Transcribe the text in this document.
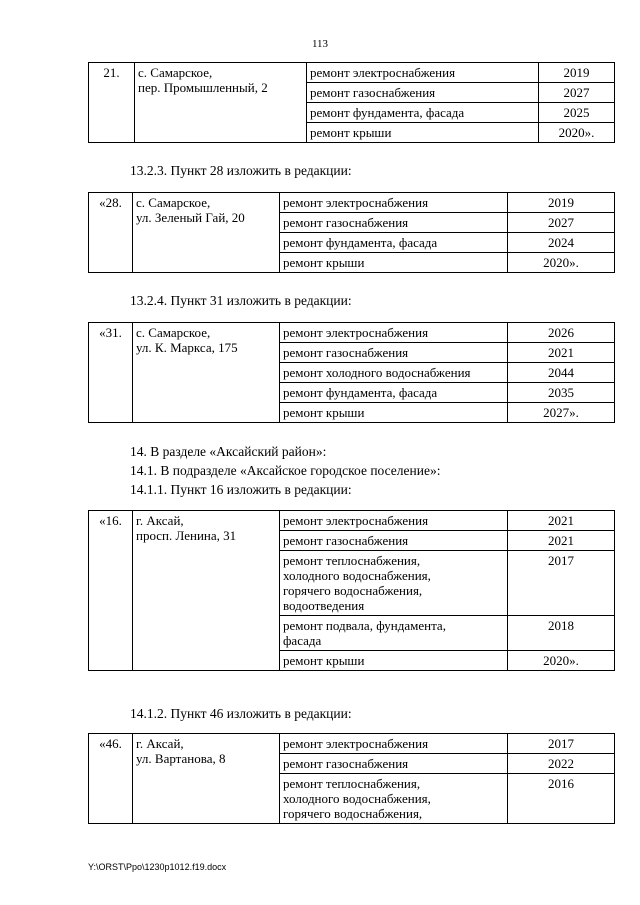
113
21.	с. Самарское,
пер. Промышленный, 2	ремонт электроснабжения	2019

		ремонт газоснабжения	2027

		ремонт фундамента, фасада	2025

		ремонт крыши	2020».
13.2.3. Пункт 28 изложить в редакции:
«28.	с. Самарское,
ул. Зеленый Гай, 20	ремонт электроснабжения	2019

		ремонт газоснабжения	2027

		ремонт фундамента, фасада	2024

		ремонт крыши	2020».
13.2.4. Пункт 31 изложить в редакции:
«31.	с. Самарское,
ул. К. Маркса, 175	ремонт электроснабжения	2026

		ремонт газоснабжения	2021

		ремонт холодного водоснабжения	2044

		ремонт фундамента, фасада	2035

		ремонт крыши	2027».
14. В разделе «Аксайский район»:
14.1. В подразделе «Аксайское городское поселение»:
14.1.1. Пункт 16 изложить в редакции:
«16.	г. Аксай,
просп. Ленина, 31	ремонт электроснабжения	2021

		ремонт газоснабжения	2021

		ремонт теплоснабжения,
холодного водоснабжения,
горячего водоснабжения,
водоотведения	2017

		ремонт подвала, фундамента,
фасада	2018

		ремонт крыши	2020».
14.1.2. Пункт 46 изложить в редакции:
«46.	г. Аксай,
ул. Вартанова, 8	ремонт электроснабжения	2017

		ремонт газоснабжения	2022

		ремонт теплоснабжения,
холодного водоснабжения,
горячего водоснабжения,	2016
Y:\ORST\Ppo\1230p1012.f19.docx
